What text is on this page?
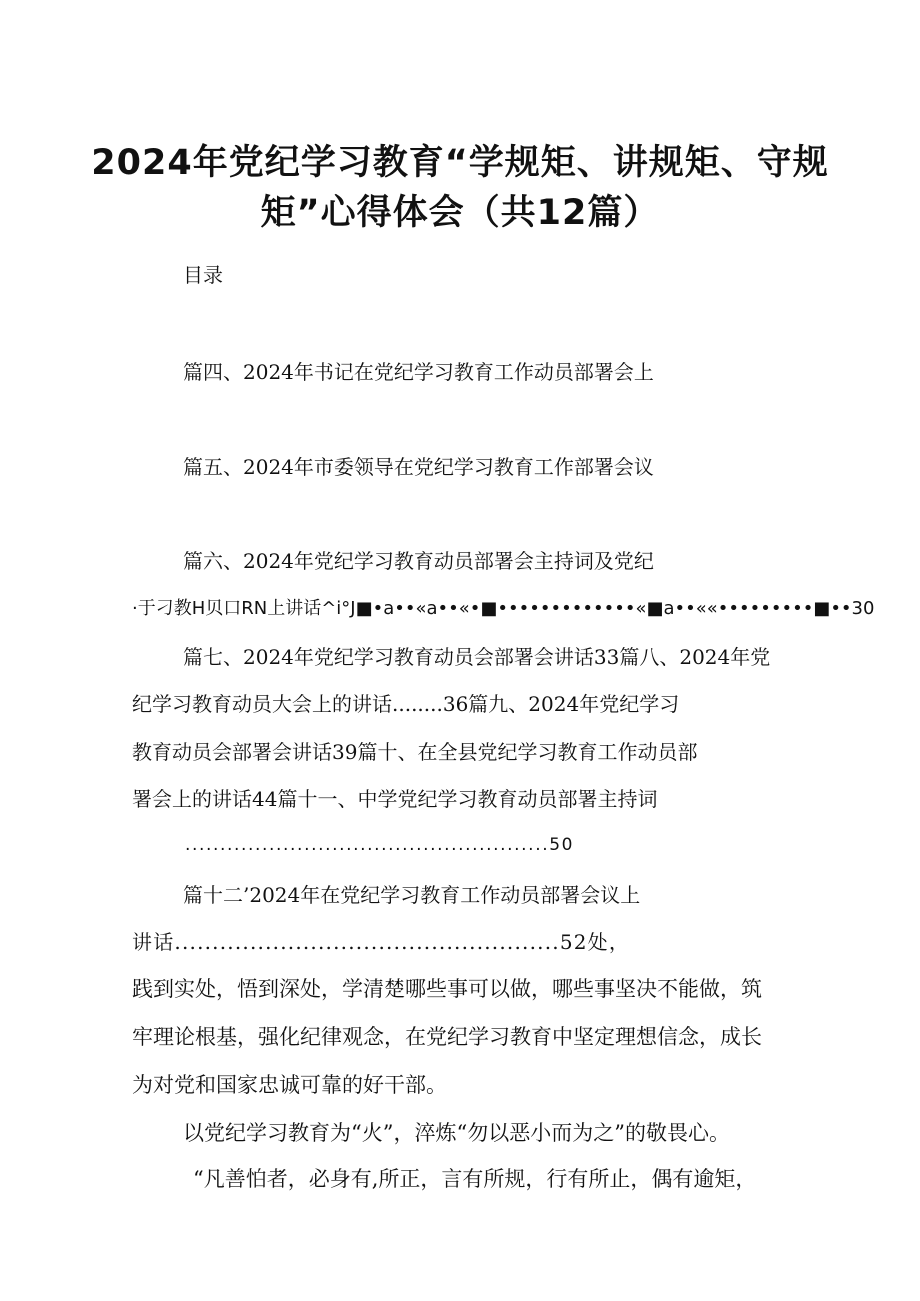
2024年党纪学习教育“学规矩、讲规矩、守规
矩”心得体会（共12篇）

目录

篇四、2024年书记在党纪学习教育工作动员部署会上

篇五、2024年市委领导在党纪学习教育工作部署会议

篇六、2024年党纪学习教育动员部署会主持词及党纪

·于刁教H贝口RN上讲话^i°J■•a••«a••«•■•••••••••••••«■a••««•••••••••■••30

篇七、2024年党纪学习教育动员会部署会讲话33篇八、2024年党

纪学习教育动员大会上的讲话........36篇九、2024年党纪学习

教育动员会部署会讲话39篇十、在全县党纪学习教育工作动员部

署会上的讲话44篇十一、中学党纪学习教育动员部署主持词

....................................................50

篇十二’2024年在党纪学习教育工作动员部署会议上

讲话...................................................52处，

践到实处，悟到深处，学清楚哪些事可以做，哪些事坚决不能做，筑

牢理论根基，强化纪律观念，在党纪学习教育中坚定理想信念，成长

为对党和国家忠诚可靠的好干部。

以党纪学习教育为“火”，淬炼“勿以恶小而为之”的敬畏心。

“凡善怕者，必身有,所正，言有所规，行有所止，偶有逾矩，
